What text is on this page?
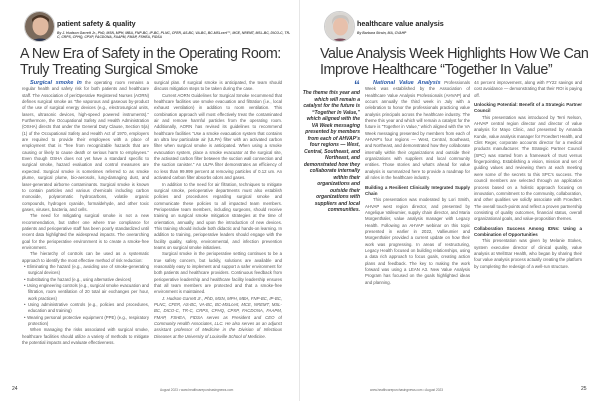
patient safety & quality
By J. Hudson Garrett Jr., PhD, MSN, MPH, MBA, FNP-BC, IP-BC, PLNC, CFER, AS-BC, VA-BC, BC-MSLcert™, MCE, NREMT, MSL-BC, DICO-C, TR-C, CRPS, CPHQ, CPXP, FACDONA, FAAPM, FMAP, FSHEA, FIDSA
A New Era of Safety in the Operating Room: Truly Treating Surgical Smoke

Surgical smoke in the operating room remains a regular health and safety risk for both patients and healthcare staff. The Association of periOperative Registered Nurses (AORN) defines surgical smoke as "the vaporous and gaseous by-product of the use of surgical energy devices (e.g., electrosurgical units, lasers, ultrasonic devices, high-speed powered instruments)." Furthermore, the Occupational Safety and Health Administration (OSHA) directs that under the General Duty Clause, Section 5(a)(1) of the Occupational Safety and Health Act of 1970, employers are required to provide their employees with a place of employment that is "free from recognizable hazards that are causing or likely to cause death or serious harm to employees." Even though OSHA does not yet have a standard specific to surgical smoke, hazard evaluation and control measures are expected. Surgical smoke is sometimes referred to as smoke plume, surgical plume, bio-aerosols, lung-damaging dust, and laser-generated airborne contaminants. Surgical smoke is known to contain particles and various chemicals including carbon monoxide, polyaromatic hydrocarbons, volatile organic compounds, hydrogen cyanide, formaldehyde, and other toxic gases, viruses, bacteria, and cells.

The need for mitigating surgical smoke is not a new recommendation, but rather one where true compliance for patients and perioperative staff has been poorly standardized until recent data highlighted the widespread impacts. The overarching goal for the perioperative environment is to create a smoke-free environment.

The hierarchy of controls can be used as a systematic approach to identify the most effective method of risk reduction:

• Eliminating the hazard (e.g., avoiding use of smoke-generating surgical devices)

• Substituting the hazard (e.g., using alternative devices)

• Using engineering controls (e.g., surgical smoke evacuation and filtration, room ventilation of 20 total air exchanges per hour, work practices)

• Using administrative controls (e.g., policies and procedures, education and training)

• Wearing personal protective equipment (PPE) (e.g., respiratory protection)

When managing the risks associated with surgical smoke, healthcare facilities should utilize a variety of methods to mitigate the potential impacts and evaluate effectiveness.

surgical plan. If surgical smoke is anticipated, the team should discuss mitigation steps to be taken during the case.

Current AORN Guidelines for Surgical Smoke recommend that healthcare facilities use smoke evacuation and filtration (i.e., local exhaust ventilation) in addition to room ventilation. This combination approach will most effectively treat the contaminated air and remove harmful particles from the operating room. Additionally, AORN has revised its guidelines to recommend healthcare facilities "Use a smoke evacuation system that contains an ultra low particulate air (ULPA) filter with an activated carbon filter when surgical smoke is anticipated. When using a smoke evacuation system, place a smoke evacuator at the surgical site, the activated carbon filter between the suction wall connection and the suction canister." An ULPA filter demonstrates an efficiency of no less than 99.999 percent at removing particles of 0.12 um. An activated carbon filter absorbs odors and gases.

In addition to the need for air filtration, techniques to mitigate surgical smoke, perioperative departments must also establish policies and procedures regarding surgical smoke and communicate these policies to all impacted team members. Perioperative team members, including surgeons, should receive training on surgical smoke mitigation strategies at the time of orientation, annually, and upon the introduction of new devices. This training should include both didactic and hands-on learning. In addition to training, perioperative leaders should engage with the facility quality, safety, environmental, and infection prevention teams on surgical smoke initiatives.

Surgical smoke in the perioperative setting continues to be a true safety concern, but luckily, solutions are available and reasonably easy to implement and support a safer environment for both patients and healthcare providers. Continuous feedback from perioperative leadership and healthcare facility leadership ensures that all team members are protected and that a smoke-free environment is maintained.

J. Hudson Garrett Jr., PhD, MSN, MPH, MBA, FNP-BC, IP-BC, PLNC, CFER, AS-BC, VA-BC, BC-MSLcert, MCE, NREMT, MSL-BC, DICO-C, TR-C, CRPS, CPHQ, CPXP, FACDONA, FAAPM, FMAP, FSHEA, FIDSA serves as President and CEO of Community Health Associates, LLC. He also serves as an adjunct assistant professor of Medicine in the Division of Infectious Diseases at the University of Louisville School of Medicine.

24	August 2023 • www.healthcarepurchasingnews.com
healthcare value analysis
By Barbara Strain, MA, CVAHP
Value Analysis Week Highlights How We Can Improve Healthcare “Together In Value”
“
The theme this year and which will remain a catalyst for the future is “Together In Value,” which aligned with the VA Week messaging presented by members from each of AHVAP’s four regions — West, Central, Southeast, and Northeast, and demonstrated how they collaborate internally within their organizations and outside their organizations with suppliers and local communities.

National Value Analysis Professionals Week was established by the Association of Healthcare Value Analysis Professionals (AHVAP) and occurs annually the third week in July with a celebration to honor the professionals practicing value analysis principals across the healthcare industry. The theme this year and which will remain a catalyst for the future is "Together in Value," which aligned with the VA Week messaging presented by members from each of AHVAP's four regions — West, Central, Southeast, and Northeast, and demonstrated how they collaborate internally within their organizations and outside their organizations with suppliers and local community entities. Those stories and what's ahead for value analysis is summarized here to provide a roadmap for all roles in the healthcare industry.

Building a Resilient Clinically Integrated Supply Chain

This presentation was moderated by Lori Smith, AHVAP west region director, and presented by Angelique Valleumier, supply chain director, and Maria Morgenthaler, value analysis manager with Legacy Health. Following an AHVAP webinar on this topic presented in earlier in 2022, Vallieumier and Morgenthaler provided a current update on how their work was progressing. In areas of restructuring, Legacy Health focused on building relationships, using a data rich approach to focus goals, creating action plans and feedback. The key to making the work forward was using a LEAN A3. New Value Analysis Program has focused on the goals highlighted ideas and planning.

44 percent improvement, along with FY22 savings and cost avoidance — demonstrating that their ROI is paying off.

Unlocking Potential: Benefit of a Strategic Partner Council

This presentation was introduced by Terri Nelson, AHVAP central region director and director of value analysis for Mayo Clinic, and presented by Amanda Kunde, value analysis manager for Froedtert Health, and Clint Reger, corporate accounts director for a medical products manufacturer. The Strategic Partner Council (SPC) was started from a framework of trust versus fingerpointing. Establishing a vision, mission and set of guiding values and reviewing them at each meeting were some of the secrets to this SPC's success. The council members are selected through an application process based on a holistic approach focusing on innovation, commitment to the community, collaboration, and other qualities we solidly associate with Froedtert. The overall touch-points and reflect a proven partnership consisting of quality outcomes, financial status, overall organizational goals, and value-proposition themes.

Collaboration Success Among IDNs: Using a Combination of Opportunities

This presentation was given by Melanie Stokes, system executive director of clinical quality, value analysis at WellStar Health, who began by sharing their four value analysis process actually creating the platform by completing the redesign of a well-run structure.

www.healthcarepurchasingnews.com • August 2023	25
